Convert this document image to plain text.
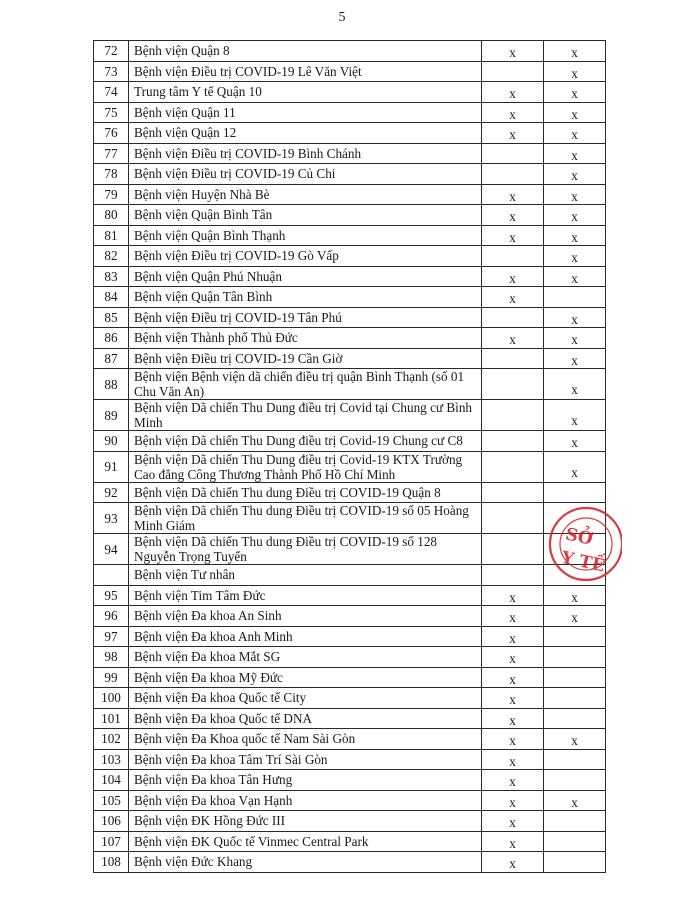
5
72	Bệnh viện Quận 8	x	x
73	Bệnh viện Điều trị COVID-19 Lê Văn Việt		x
74	Trung tâm Y tế Quận 10	x	x
75	Bệnh viện Quận 11	x	x
76	Bệnh viện Quận 12	x	x
77	Bệnh viện Điều trị COVID-19 Bình Chánh		x
78	Bệnh viện Điều trị COVID-19 Củ Chi		x
79	Bệnh viện Huyện Nhà Bè	x	x
80	Bệnh viện Quận Bình Tân	x	x
81	Bệnh viện Quận Bình Thạnh	x	x
82	Bệnh viện Điều trị COVID-19 Gò Vấp		x
83	Bệnh viện Quận Phú Nhuận	x	x
84	Bệnh viện Quận Tân Bình	x	
85	Bệnh viện Điều trị COVID-19 Tân Phú		x
86	Bệnh viện Thành phố Thủ Đức	x	x
87	Bệnh viện Điều trị COVID-19 Cần Giờ		x
88	Bệnh viện Bệnh viện dã chiến điều trị quận Bình Thạnh (số 01 Chu Văn An)		x
89	Bệnh viện Dã chiến Thu Dung điều trị Covid tại Chung cư Bình Minh		x
90	Bệnh viện Dã chiến Thu Dung điều trị Covid-19 Chung cư C8		x
91	Bệnh viện Dã chiến Thu Dung điều trị Covid-19 KTX Trường Cao đẳng Công Thương Thành Phố Hồ Chí Minh		x
92	Bệnh viện Dã chiến Thu dung Điều trị COVID-19 Quận 8		
93	Bệnh viện Dã chiến Thu dung Điều trị COVID-19 số 05 Hoàng Minh Giám		
94	Bệnh viện Dã chiến Thu dung Điều trị COVID-19 số 128 Nguyễn Trọng Tuyển		
	Bệnh viện Tư nhân		
95	Bệnh viện Tim Tâm Đức	x	x
96	Bệnh viện Đa khoa An Sinh	x	x
97	Bệnh viện Đa khoa Anh Minh	x	
98	Bệnh viện Đa khoa Mắt SG	x	
99	Bệnh viện Đa khoa Mỹ Đức	x	
100	Bệnh viện Đa khoa Quốc tế City	x	
101	Bệnh viện Đa khoa Quốc tế DNA	x	
102	Bệnh viện Đa Khoa quốc tế Nam Sài Gòn	x	x
103	Bệnh viện Đa khoa Tâm Trí Sài Gòn	x	
104	Bệnh viện Đa khoa Tân Hưng	x	
105	Bệnh viện Đa khoa Vạn Hạnh	x	x
106	Bệnh viện ĐK Hồng Đức III	x	
107	Bệnh viện ĐK Quốc tế Vinmec Central Park	x	
108	Bệnh viện Đức Khang	x	
SỞ
Y TẾ
